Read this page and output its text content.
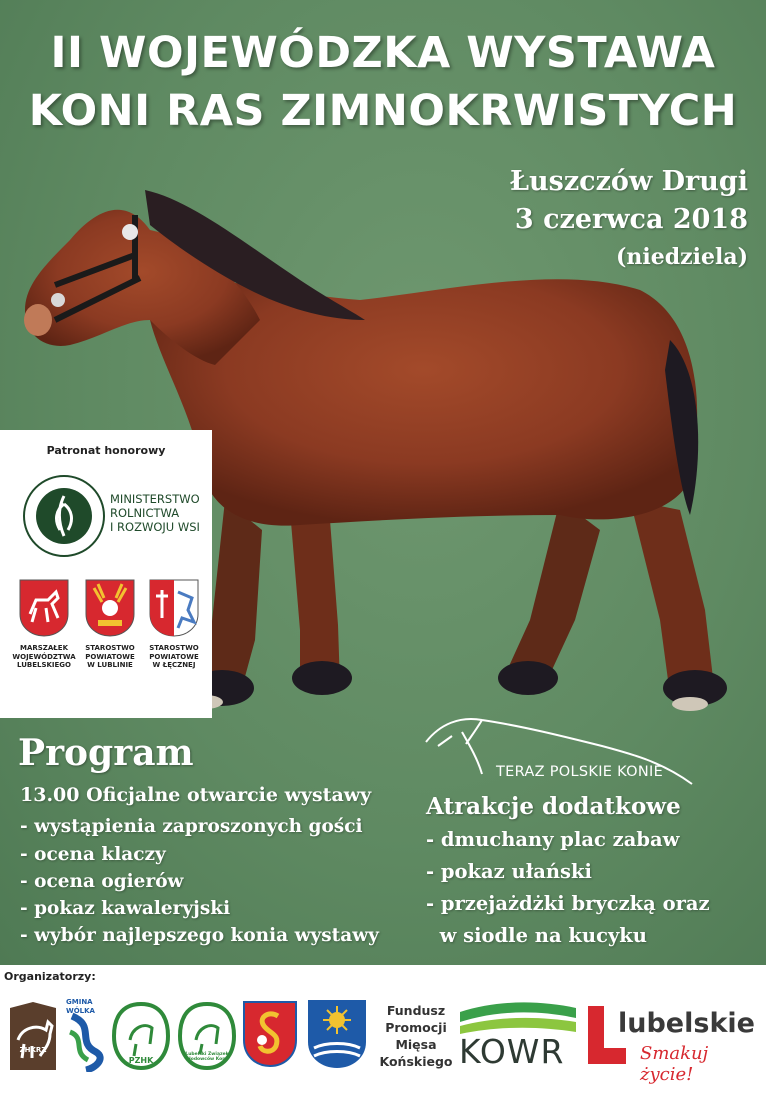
II WOJEWÓDZKA WYSTAWA
KONI RAS ZIMNOKRWISTYCH
Łuszczów Drugi
3 czerwca 2018
(niedziela)
Patronat honorowy
MINISTERSTWO
ROLNICTWA
I ROZWOJU WSI
MARSZAŁEK
WOJEWÓDZTWA
LUBELSKIEGO
STAROSTWO
POWIATOWE
W LUBLINIE
STAROSTWO
POWIATOWE
W ŁĘCZNEJ
Program
13.00 Oficjalne otwarcie wystawy
- wystąpienia zaproszonych gości
- ocena klaczy
- ocena ogierów
- pokaz kawaleryjski
- wybór najlepszego konia wystawy
TERAZ POLSKIE KONIE
Atrakcje dodatkowe
- dmuchany plac zabaw
- pokaz ułański
- przejażdżki bryczką oraz
w siodle na kucyku
Organizatorzy:
ZHKRZ
GMINA
WÓLKA
PZHK
Lubelski Związek
Hodowców Koni
Fundusz
Promocji
Mięsa
Końskiego KOWR
lubelskie
Smakuj życie!
